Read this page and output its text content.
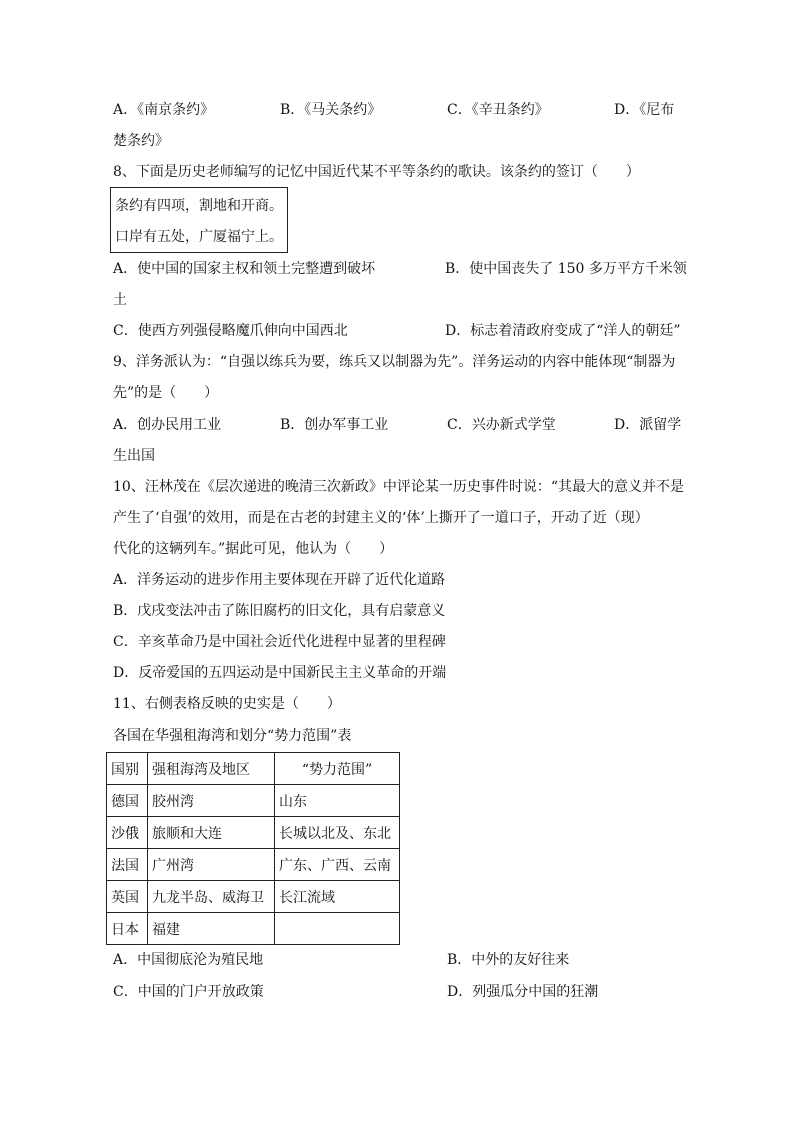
A．《南京条约》	B．《马关条约》	C．《辛丑条约》	D．《尼布
楚条约》
8、下面是历史老师编写的记忆中国近代某不平等条约的歌诀。该条约的签订（　　）
条约有四项，割地和开商。
口岸有五处，广厦福宁上。
A．使中国的国家主权和领土完整遭到破坏	B．使中国丧失了 150 多万平方千米领
土
C．使西方列强侵略魔爪伸向中国西北	D．标志着清政府变成了“洋人的朝廷”
9、洋务派认为：“自强以练兵为要，练兵又以制器为先”。洋务运动的内容中能体现“制器为
先”的是（　　）
A．创办民用工业	B．创办军事工业	C．兴办新式学堂	D．派留学
生出国
10、汪林茂在《层次递进的晚清三次新政》中评论某一历史事件时说：“其最大的意义并不是
产生了‘自强’的效用，而是在古老的封建主义的‘体’上撕开了一道口子，开动了近（现）
代化的这辆列车。”据此可见，他认为（　　）
A．洋务运动的进步作用主要体现在开辟了近代化道路
B．戊戌变法冲击了陈旧腐朽的旧文化，具有启蒙意义
C．辛亥革命乃是中国社会近代化进程中显著的里程碑
D．反帝爱国的五四运动是中国新民主主义革命的开端
11、右侧表格反映的史实是（　　）
各国在华强租海湾和划分“势力范围”表
国别	强租海湾及地区	“势力范围”
德国	胶州湾	山东
沙俄	旅顺和大连	长城以北及、东北
法国	广州湾	广东、广西、云南
英国	九龙半岛、威海卫	长江流域
日本	福建	
A．中国彻底沦为殖民地	B．中外的友好往来
C．中国的门户开放政策	D．列强瓜分中国的狂潮
